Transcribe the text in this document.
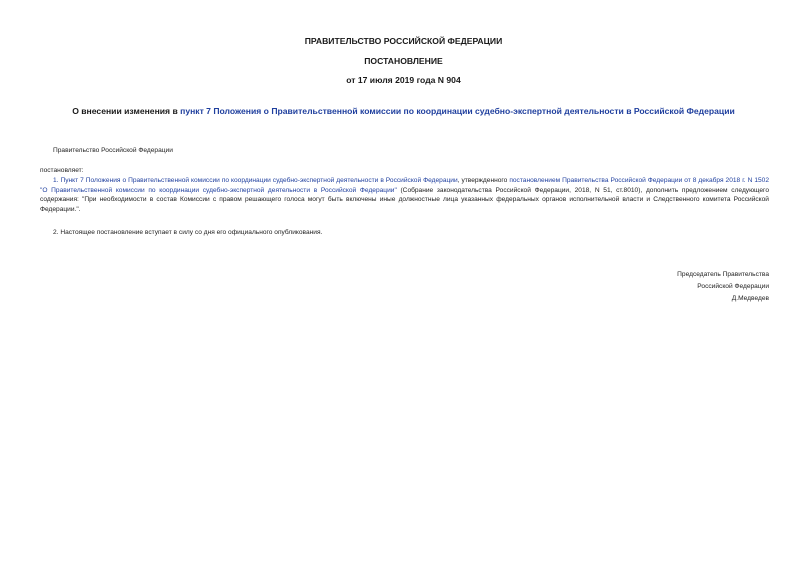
ПРАВИТЕЛЬСТВО РОССИЙСКОЙ ФЕДЕРАЦИИ
ПОСТАНОВЛЕНИЕ
от 17 июля 2019 года N 904
О внесении изменения в пункт 7 Положения о Правительственной комиссии по координации судебно-экспертной деятельности в Российской Федерации
Правительство Российской Федерации
постановляет:
1. Пункт 7 Положения о Правительственной комиссии по координации судебно-экспертной деятельности в Российской Федерации, утвержденного постановлением Правительства Российской Федерации от 8 декабря 2018 г. N 1502 "О Правительственной комиссии по координации судебно-экспертной деятельности в Российской Федерации" (Собрание законодательства Российской Федерации, 2018, N 51, ст.8010), дополнить предложением следующего содержания: "При необходимости в состав Комиссии с правом решающего голоса могут быть включены иные должностные лица указанных федеральных органов исполнительной власти и Следственного комитета Российской Федерации.".
2. Настоящее постановление вступает в силу со дня его официального опубликования.
Председатель Правительства
Российской Федерации
Д.Медведев
